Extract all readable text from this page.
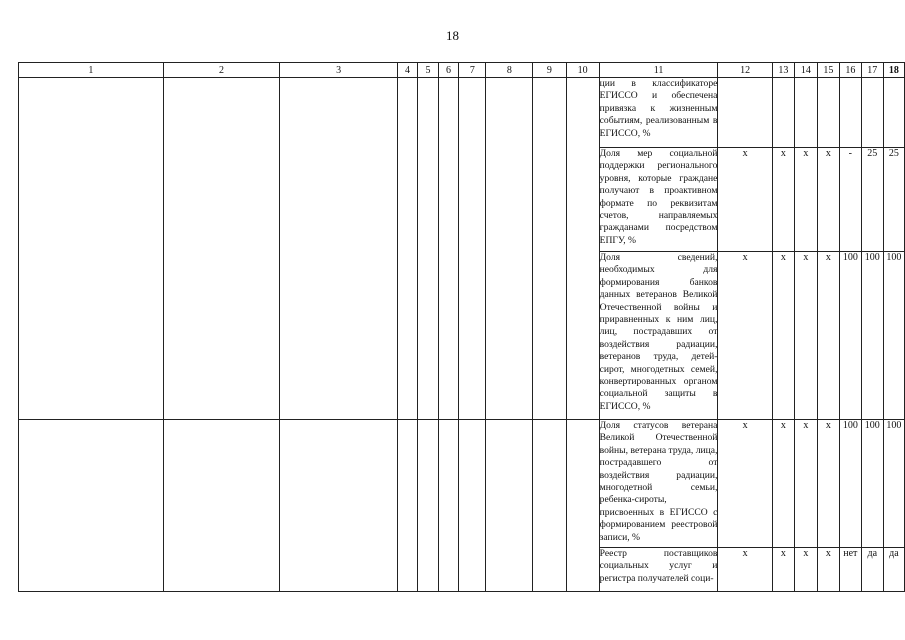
18
1	2	3	4	5	6	7	8	9	10	11	12	13	14	15	16	17	18
										ции в классификаторе ЕГИССО и обеспечена привязка к жизненным событиям, реализованным в ЕГИССО, %							
										Доля мер социальной поддержки регионального уровня, которые граждане получают в проактивном формате по реквизитам счетов, направляемых гражданами посредством ЕПГУ, %	x	x	x	x	-	25	25
										Доля сведений, необходимых для формирования банков данных ветеранов Великой Отечественной войны и приравненных к ним лиц, лиц, пострадавших от воздействия радиации, ветеранов труда, детей-сирот, многодетных семей, конвертированных органом социальной защиты в ЕГИССО, %	x	x	x	x	100	100	100
										Доля статусов ветерана Великой Отечественной войны, ветерана труда, лица, пострадавшего от воздействия радиации, многодетной семьи, ребенка-сироты, присвоенных в ЕГИССО с формированием реестровой записи, %	x	x	x	x	100	100	100
										Реестр поставщиков социальных услуг и регистра получателей соци-	x	x	x	x	нет	да	да
